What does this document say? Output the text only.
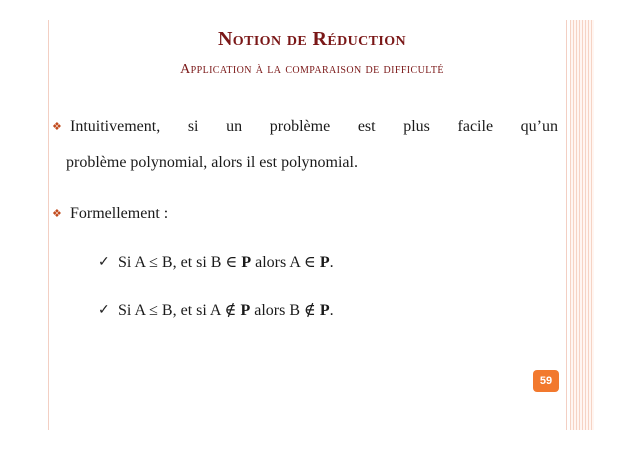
Notion de Réduction
Application à la comparaison de difficulté
❖ Intuitivement, si un problème est plus facile qu’un
problème polynomial, alors il est polynomial.
❖ Formellement :
✓ Si A ≤ B, et si B ∈ P alors A ∈ P.
✓ Si A ≤ B, et si A ∉ P alors B ∉ P.
59
